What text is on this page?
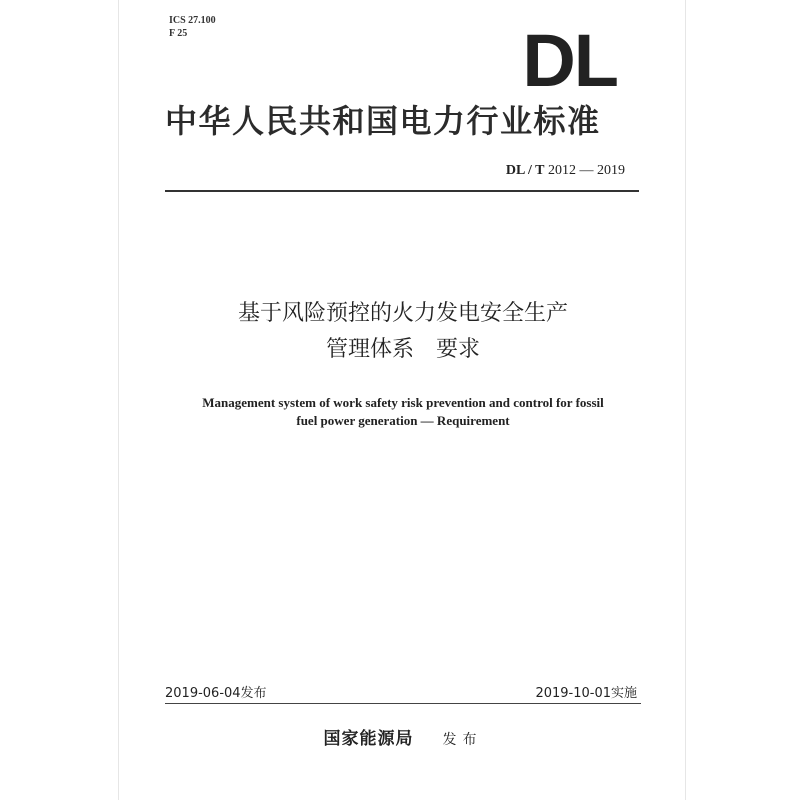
ICS 27.100
F 25	DL
中华人民共和国电力行业标准
DL / T 2012 — 2019
基于风险预控的火力发电安全生产
管理体系　要求
Management system of work safety risk prevention and control for fossil
fuel power generation — Requirement
2019-06-04发布	2019-10-01实施
国家能源局 发布
